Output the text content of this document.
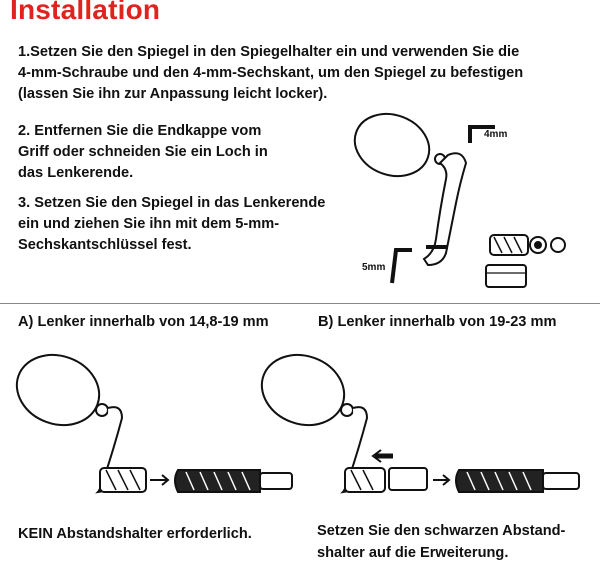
Installation
1.Setzen Sie den Spiegel in den Spiegelhalter ein und verwenden Sie die
4-mm-Schraube und den 4-mm-Sechskant, um den Spiegel zu befestigen
(lassen Sie ihn zur Anpassung leicht locker).
2. Entfernen Sie die Endkappe vom
Griff oder schneiden Sie ein Loch in
das Lenkerende.
3. Setzen Sie den Spiegel in das Lenkerende
ein und ziehen Sie ihn mit dem 5-mm-
Sechskantschlüssel fest.
4mm
5mm
A) Lenker innerhalb von 14,8-19 mm	B) Lenker innerhalb von 19-23 mm
KEIN Abstandshalter erforderlich.	Setzen Sie den schwarzen Abstand-
shalter auf die Erweiterung.
